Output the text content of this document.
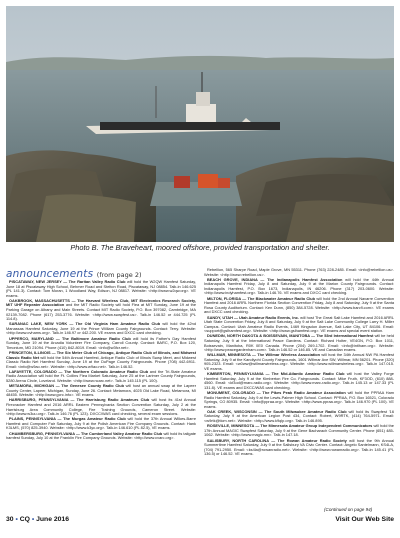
Photo B. The Braveheart, moored offshore, provided transportation and shelter.
announcements (from page 2)

PISCATAWAY, NEW JERSEY — The Raritan Valley Radio Club will hold the W2QW Hamfest Saturday, June 18 at Piscataway High School, Behmer Road and Stelton Road, Piscataway, NJ 08854. Talk-in 146.625 (PL 141.3). Contact: Tom Moran, 1 Woodland Way, Edison, NJ 08817. Website: <http://www.w2qw.org>. VE exams.

OAKBROOK, MASSACHUSETTS — The Harvard Wireless Club, MIT Electronics Research Society, MIT UHF Repeater Association and the MIT Radio Society will hold Flea at MIT Sunday, June 19 at the Parking Garage on Albany and Main Streets. Contact MIT Radio Society, P.O. Box 397082, Cambridge, MA 02139-7082. Phone (617) 253-3776. Website: <http://www.swapfest.us>. Talk-in 146.52 or 444.725 (PL 114.8).

SARANAC LAKE, NEW YORK — The Old Virginia Ham Amateur Radio Club will hold the 42nd Manassas Hamfest Saturday, June 19 at the Prince William County Fairgrounds. Contact: Terry. Website: <http://www.ovhams.org>. Talk-in 146.97 or 442.200. VE exams and DXCC card checking.

UPPERCO, MARYLAND — The Baltimore Amateur Radio Club will hold its Father's Day Hamfest Sunday, June 19 at the Arcadia Volunteer Fire Company, Carroll County. Contact: BARC, P.O. Box 120, Timonium, MD 21094. Phone (410) 842-8019. Email: <info@w3fcr.net>.

PRINCETON, ILLINOIS — The Six Meter Club of Chicago, Antique Radio Club of Illinois, and Midwest Classic Radio Net will hold the 54th Annual Hamfest, Antique Radio Club of Illinois Swap Meet, and Midwest Classic Radio Net Hamfest Sunday, June 19 at the DuPage County Fairgrounds. Phone (708) 442-6911. Email: <info@w9ao.net>. Website: <http://www.w9ao.net>. Talk-in 146.52.

LAFAYETTE, COLORADO — The Northern Colorado Amateur Radio Club and the Tri-State Amateur Radio Association will hold the Ft. Collins Flea Market Saturday, June 25 at the Larimer County Fairgrounds, 5280 Arena Circle, Loveland. Website: <http://www.ncarc.net>. Talk-in 145.115 (PL 100).

METAMORA, MICHIGAN — The Genesee County Radio Club will host an annual swap at the Lapeer County Center, Lapeer, Michigan, Sunday, June 26. Contact: Metamora, 4025 Old Lake Road, Metamora, MI 48455. Website: <http://www.gcrc.info>. VE exams.

HARRISBURG, PENNSYLVANIA — The Harrisburg Radio Amateurs Club will host its 41st Annual Firecracker Hamfest and 2016 ARRL Eastern Pennsylvania Section Convention Saturday, July 2 at the Harrisburg Area Community College, Fire Training Grounds, Cameron Street. Website: <http://www.w3uu.org>. Talk-in 146.76 (PL 123). DXCC/WAS card checking, several exam sessions.

PLAINS, PENNSYLVANIA — The Murgas Amateur Radio Club will hold the 37th Annual Wilkes-Barre Hamfest and Computer Fair Saturday, July 9 at the Polish American Fire Company Grounds. Contact: Hank K3LMS, (570) 825-3940. Website: <http://www.k3yc.org>. Talk-in 146.610 (PL 82.5), VE exams.

CHAMBERSBURG, PENNSYLVANIA — The Cumberland Valley Amateur Radio Club will hold its tailgate hamfest Sunday, July 10 at the Franklin Fire Company Grounds. Website: <http://www.cvarc.org>.

Rebellion, 565 Sharpe Road, Maple Grove, MN 55311. Phone (763) 228-2485. Email: <info@rebellion.us>. Website: <http://www.rebellion.us>.

BEACH GROVE, INDIANA — The Indianapolis Hamfest Association will hold the 44th Annual Indianapolis Hamfest Friday, July 8 and Saturday, July 9 at the Marion County Fairgrounds. Contact: Indianapolis Hamfest, P.O. Box 1673, Indianapolis, IN 46206. Phone (317) 203-0600. Website: <http://www.indyhamfest.org>. Talk-in 146.76. VE exams and DXCC card checking.

MILTON, FLORIDA — The Blackwater Amateur Radio Club will hold the 2nd Annual Navarre Convention Hamfest and 2016 ARRL Northern Florida Section Convention Friday, July 8 and Saturday, July 9 at the Santa Rosa County Auditorium. Contact: Ken Dunn, (850) 384-5728. Website: <http://www.barcfl.com>. VE exams and DXCC card checking.

SANDY, UTAH — Utah Amateur Radio Events, Inc. will host The Great Salt Lake Hamfest and 2016 ARRL Utah State Convention Friday, July 8 and Saturday, July 9 at the Salt Lake Community College Larry H. Miller Campus. Contact: Utah Amateur Radio Events, 1469 Kingsdon Avenue, Salt Lake City, UT 84106. Email: <support@gslhamfest.org>. Website: <http://www.gslhamfest.org>. VE exams and special event station.

DUNEDIN, NORTH DAKOTA & BOISSEVAIN, MANITOBA — The 53rd International Hamfest will be held Saturday, July 9 at the International Peace Gardens. Contact: Richard Holter, VE4GN, P.O. Box 1011, Boissevain, Manitoba, R0K 0E0 Canada. Phone (204) 269-1702. Email: <info@intlham.org>. Website: <http://www.peacegardenham.com>. Talk-in 146.52 or 146.85. VE and Canadian exams.

WILLMAR, MINNESOTA — The Willmar Wireless Association will host the 34th Annual NW PA Hamfest Saturday, July 9 at the Kandiyohi County Fairgrounds, 1601 Willmar Ave SW, Willmar, MN 56201. Phone (320) 905-2323. Email: <w0ww@willmarwireless.org>. Website: <http://www.willmarwireless.org>. Talk-in 147.015. VE exams.

KIMBERTON, PENNSYLVANIA — The Mid-Atlantic Amateur Radio Club will host the Valley Forge Hamfest Saturday, July 9 at the Kimberton Fire Co. Fairgrounds. Contact: Mike Fruth, KF3OD, (610) 888-4560. Email: <kf3od@marc-radio.org>. Website: <http://www.marc-radio.org>. Talk-in 145.13 or 147.33 (PL 131.8). VE exams and DXCC/WAS card checking.

MONUMENT, COLORADO — The Pikes Peak Radio Amateur Association will hold the PPRAA Ham Radio Hamfest Saturday, July 9 at the Lewis-Palmer High School. Contact: PPRAA, P.O. Box 16521, Colorado Springs, CO 80935. Email: <info@ppraa.org>. Website: <http://www.ppraa.org>. Talk-in 146.970 (PL 100). VE exams.

OAK CREEK, WISCONSIN — The South Milwaukee Amateur Radio Club will hold its Swapfest '16 Saturday, July 9 at the American Legion Post 434, Contact: Robert, W9RTK, (414) 764-5971. Email: <w9rtk@ticm.net>. Website: <http://www.k9qlp.org>. Talk-in 146.895.

ROSEVILLE, MINNESOTA — The Minnesota Amateur Group Independent Communicators will hold the 17th Annual MAGIC Swapfest Saturday, July 9 at the Gene Bacharach Community Center. Phone (651) 485-1062. Website: <http://www.magic.mn>. Talk-in 147.18.

SALISBURY, NORTH CAROLINA — The Rowan Amateur Radio Society will host the 9th Annual Summertime Hamfest Saturday, July 9 at the Salisbury VA Civic Center. Contact: Angelo Santelmann, KS4LA, (704) 791-2950. Email: <ks4la@rowanradio.net>. Website: <http://www.rowanradio.org>. Talk-in 145.41 (PL 136.5) or 146.52. VE exams.

(Continued on page 94)
30 • CQ • June 2016	Visit Our Web Site
